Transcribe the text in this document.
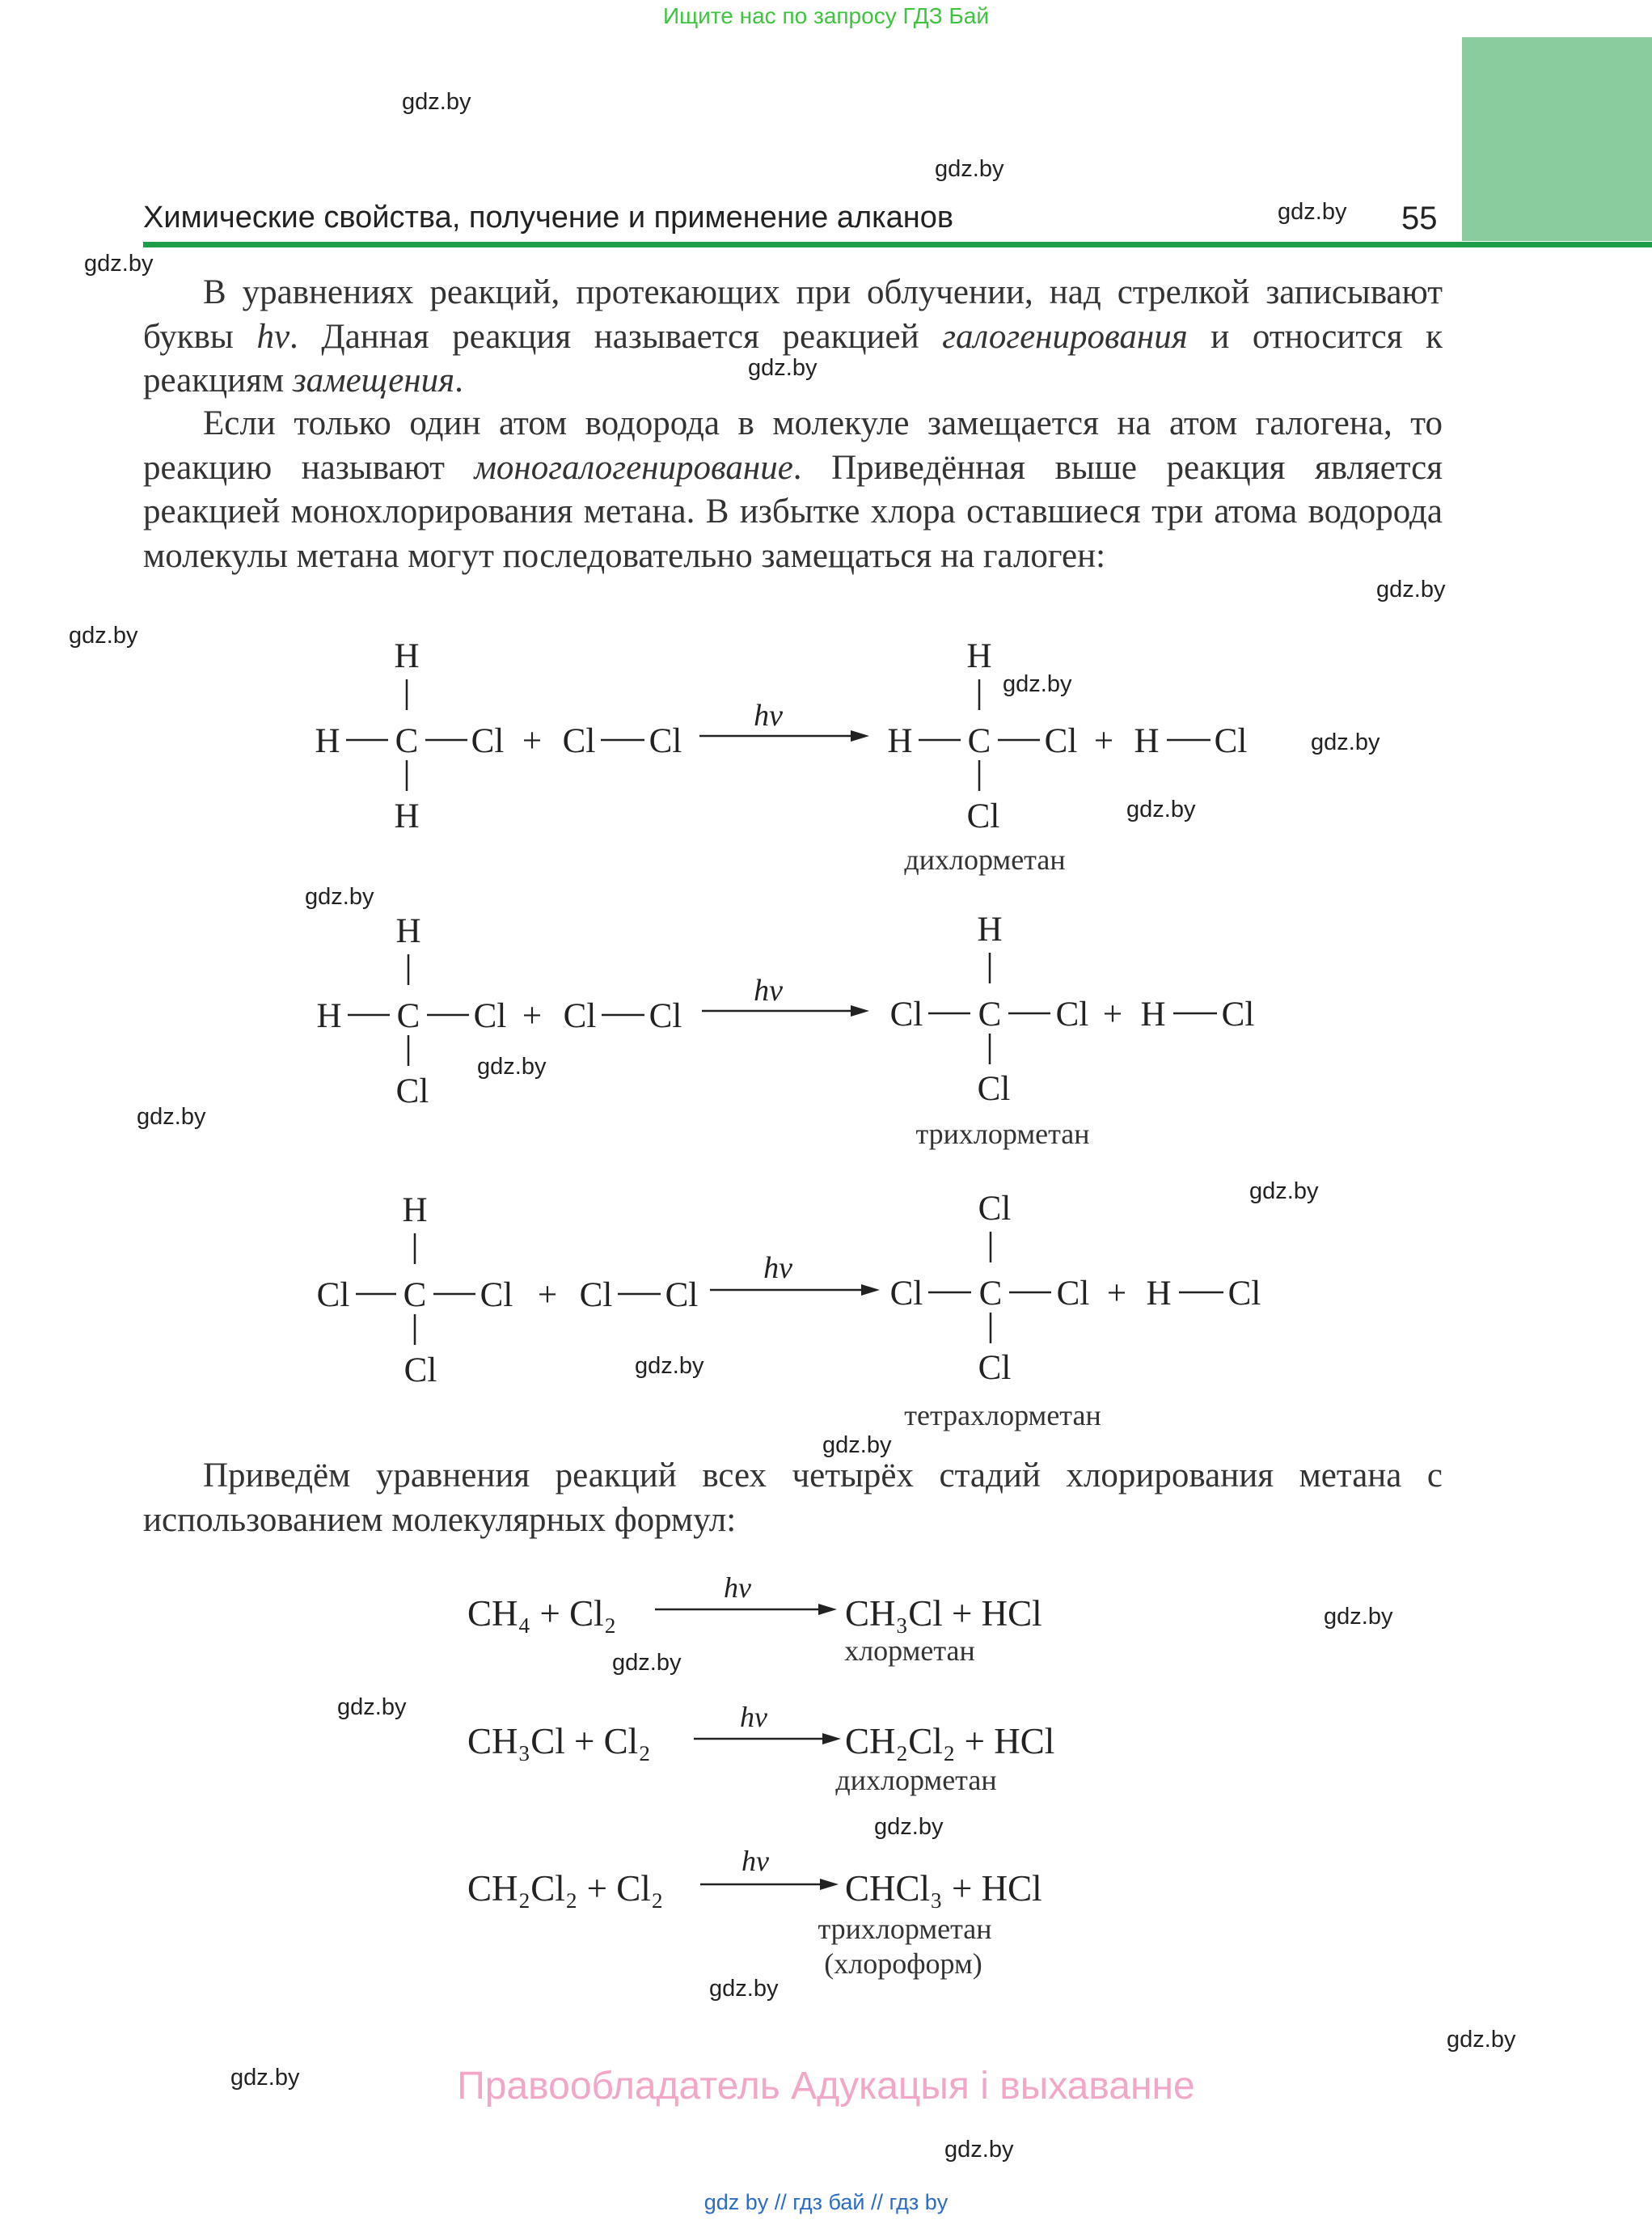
Ищите нас по запросу ГДЗ Бай
Химические свойства, получение и применение алканов	55
В уравнениях реакций, протекающих при облучении, над стрелкой записывают буквы hν. Данная реакция называется реакцией галогенирования и относится к реакциям замещения.
Если только один атом водорода в молекуле замещается на атом галогена, то реакцию называют моногалогенирование. Приведённая выше реакция является реакцией монохлорирования метана. В избытке хлора оставшиеся три атома водорода молекулы метана могут последовательно замещаться на галоген:
H
H C Cl
H
+ Cl Cl
hν
H
H C Cl
Cl
+ H Cl
дихлорметан
H
H C Cl
Cl
+ Cl Cl
hν
H
Cl C Cl
Cl
+ H Cl
трихлорметан
H
Cl C Cl
Cl
+ Cl Cl
hν
Cl
Cl C Cl
Cl
+ H Cl
тетрахлорметан
Приведём уравнения реакций всех четырёх стадий хлорирования метана с использованием молекулярных формул:
CH₄ + Cl₂
hν
CH₃Cl + HCl
хлорметан
CH₃Cl + Cl₂
hν
CH₂Cl₂ + HCl
дихлорметан
CH₂Cl₂ + Cl₂
hν
CHCl₃ + HCl
трихлорметан
(хлороформ)
gdz.by
gdz.by
gdz.by
gdz.by
gdz.by
gdz.by
gdz.by
gdz.by
gdz.by
gdz.by
gdz.by
gdz.by
gdz.by
gdz.by
gdz.by
gdz.by
gdz.by
gdz.by
gdz.by
gdz.by
gdz.by
gdz.by
gdz.by
gdz.by
Правообладатель Адукацыя і выхаванне
gdz by // гдз бай // гдз by
